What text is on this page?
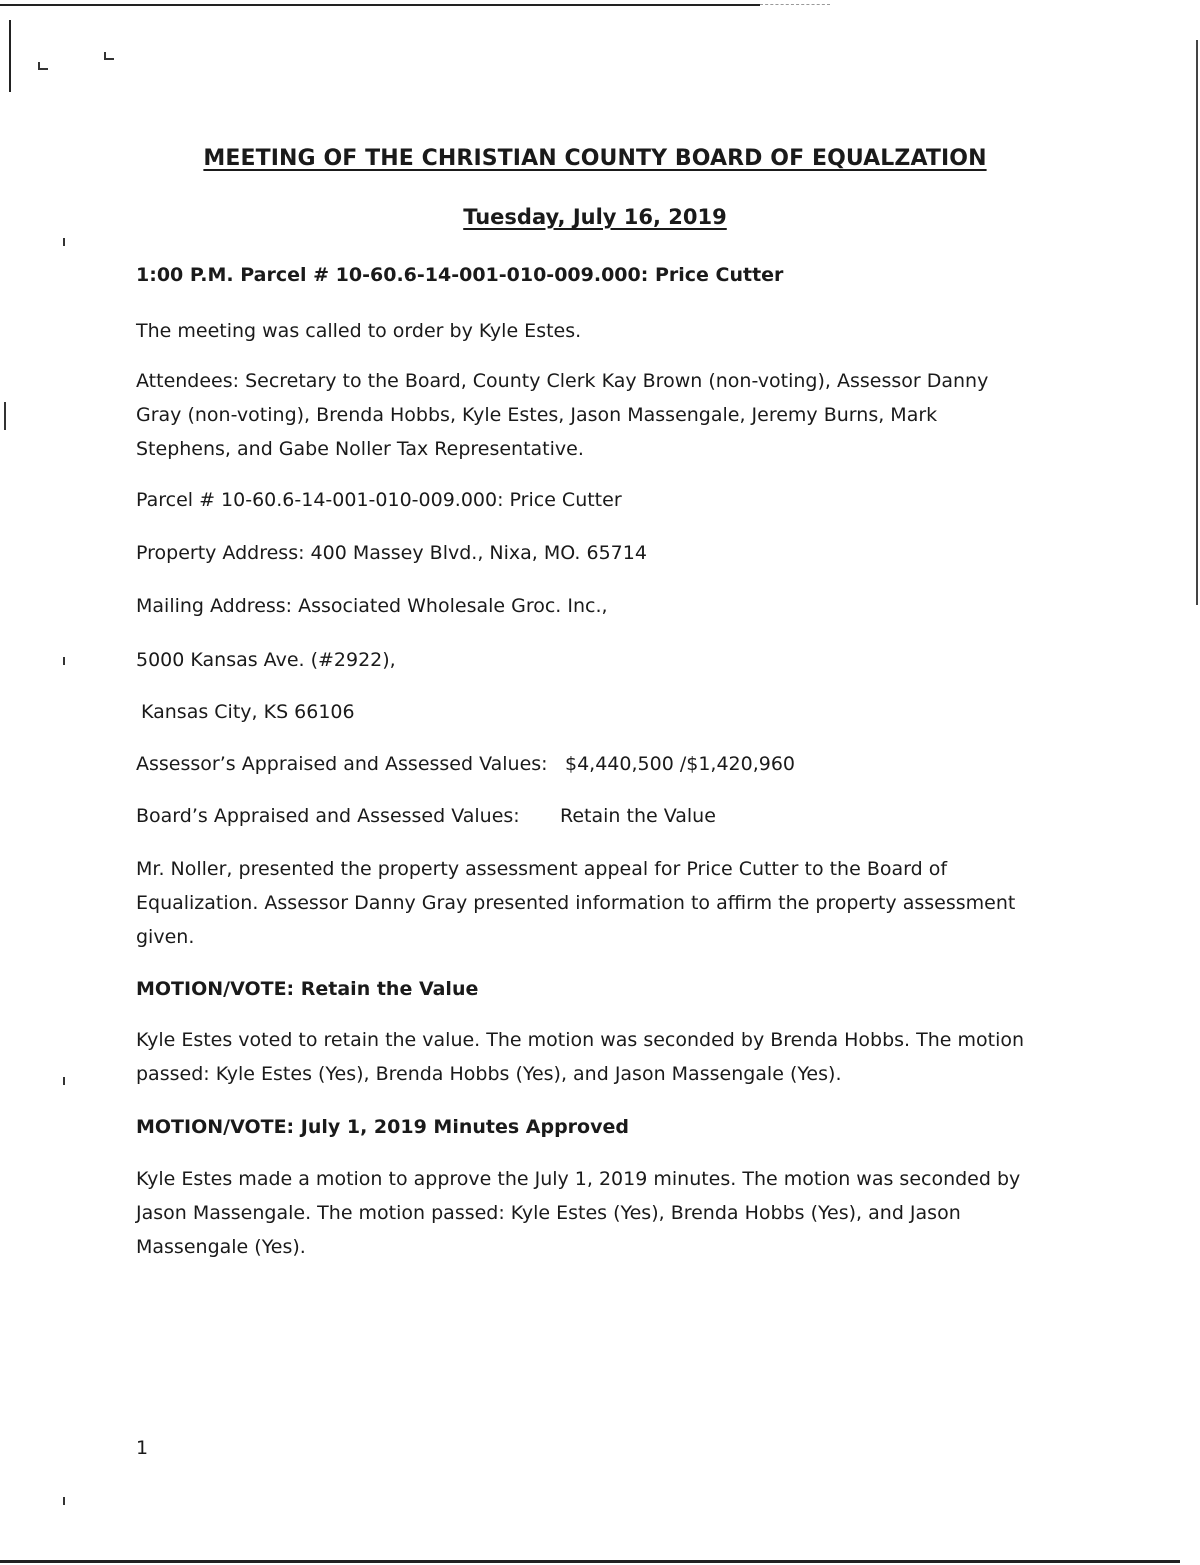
MEETING OF THE CHRISTIAN COUNTY BOARD OF EQUALZATION
Tuesday, July 16, 2019

1:00 P.M. Parcel # 10-60.6-14-001-010-009.000: Price Cutter

The meeting was called to order by Kyle Estes.

Attendees: Secretary to the Board, County Clerk Kay Brown (non-voting), Assessor Danny Gray (non-voting), Brenda Hobbs, Kyle Estes, Jason Massengale, Jeremy Burns, Mark Stephens, and Gabe Noller Tax Representative.

Parcel # 10-60.6-14-001-010-009.000: Price Cutter

Property Address: 400 Massey Blvd., Nixa, MO. 65714

Mailing Address: Associated Wholesale Groc. Inc.,

5000 Kansas Ave. (#2922),

Kansas City, KS 66106

Assessor’s Appraised and Assessed Values: $4,440,500 /$1,420,960

Board’s Appraised and Assessed Values: Retain the Value

Mr. Noller, presented the property assessment appeal for Price Cutter to the Board of Equalization. Assessor Danny Gray presented information to affirm the property assessment given.

MOTION/VOTE: Retain the Value

Kyle Estes voted to retain the value. The motion was seconded by Brenda Hobbs. The motion passed: Kyle Estes (Yes), Brenda Hobbs (Yes), and Jason Massengale (Yes).

MOTION/VOTE: July 1, 2019 Minutes Approved

Kyle Estes made a motion to approve the July 1, 2019 minutes. The motion was seconded by Jason Massengale. The motion passed: Kyle Estes (Yes), Brenda Hobbs (Yes), and Jason Massengale (Yes).

1
